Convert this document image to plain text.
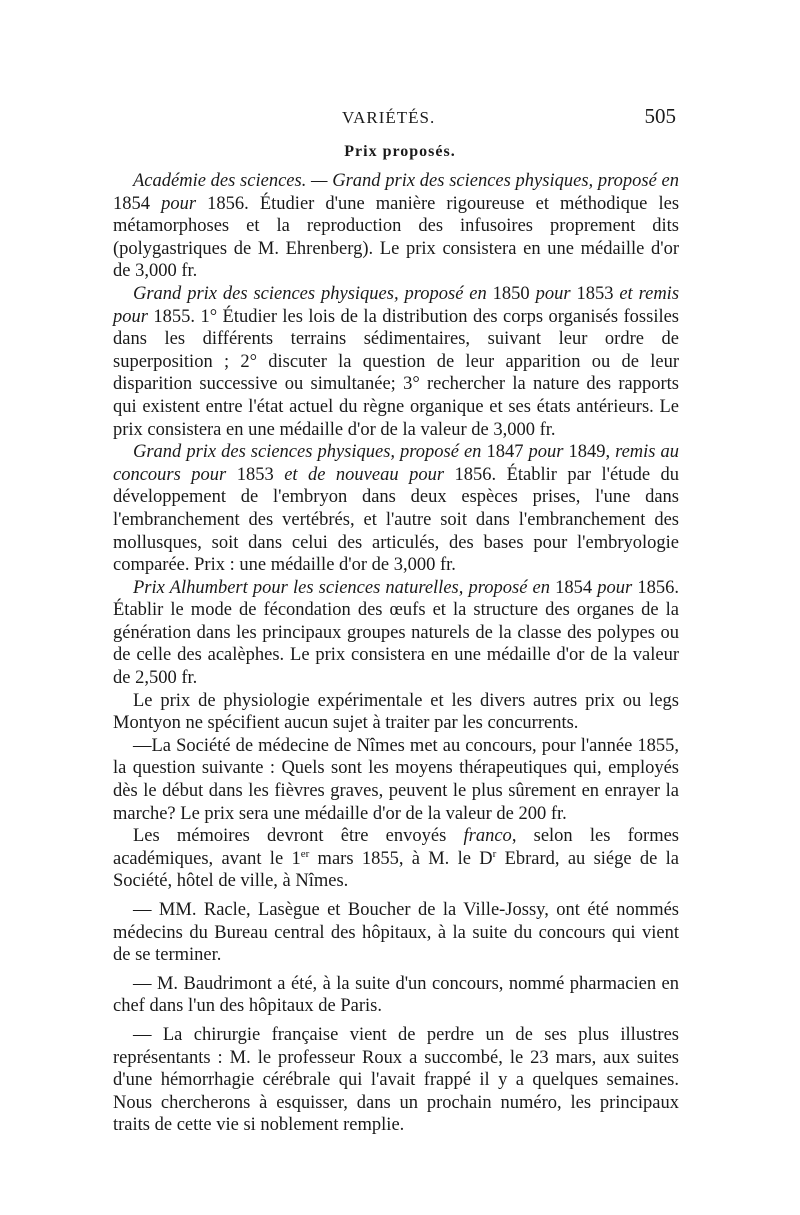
VARIÉTÉS.	505
Prix proposés.

Académie des sciences. — Grand prix des sciences physiques, proposé en 1854 pour 1856. Étudier d'une manière rigoureuse et méthodique les métamorphoses et la reproduction des infusoires proprement dits (polygastriques de M. Ehrenberg). Le prix consistera en une médaille d'or de 3,000 fr.

Grand prix des sciences physiques, proposé en 1850 pour 1853 et remis pour 1855. 1° Étudier les lois de la distribution des corps organisés fossiles dans les différents terrains sédimentaires, suivant leur ordre de superposition ; 2° discuter la question de leur apparition ou de leur disparition successive ou simultanée; 3° rechercher la nature des rapports qui existent entre l'état actuel du règne organique et ses états antérieurs. Le prix consistera en une médaille d'or de la valeur de 3,000 fr.

Grand prix des sciences physiques, proposé en 1847 pour 1849, remis au concours pour 1853 et de nouveau pour 1856. Établir par l'étude du développement de l'embryon dans deux espèces prises, l'une dans l'embranchement des vertébrés, et l'autre soit dans l'embranchement des mollusques, soit dans celui des articulés, des bases pour l'embryologie comparée. Prix : une médaille d'or de 3,000 fr.

Prix Alhumbert pour les sciences naturelles, proposé en 1854 pour 1856. Établir le mode de fécondation des œufs et la structure des organes de la génération dans les principaux groupes naturels de la classe des polypes ou de celle des acalèphes. Le prix consistera en une médaille d'or de la valeur de 2,500 fr.

Le prix de physiologie expérimentale et les divers autres prix ou legs Montyon ne spécifient aucun sujet à traiter par les concurrents.

—La Société de médecine de Nîmes met au concours, pour l'année 1855, la question suivante : Quels sont les moyens thérapeutiques qui, employés dès le début dans les fièvres graves, peuvent le plus sûrement en enrayer la marche? Le prix sera une médaille d'or de la valeur de 200 fr.

Les mémoires devront être envoyés franco, selon les formes académiques, avant le 1er mars 1855, à M. le $D^r$ Ebrard, au siége de la Société, hôtel de ville, à Nîmes.

— MM. Racle, Lasègue et Boucher de la Ville-Jossy, ont été nommés médecins du Bureau central des hôpitaux, à la suite du concours qui vient de se terminer.

— M. Baudrimont a été, à la suite d'un concours, nommé pharmacien en chef dans l'un des hôpitaux de Paris.

— La chirurgie française vient de perdre un de ses plus illustres représentants : M. le professeur Roux a succombé, le 23 mars, aux suites d'une hémorrhagie cérébrale qui l'avait frappé il y a quelques semaines. Nous chercherons à esquisser, dans un prochain numéro, les principaux traits de cette vie si noblement remplie.
